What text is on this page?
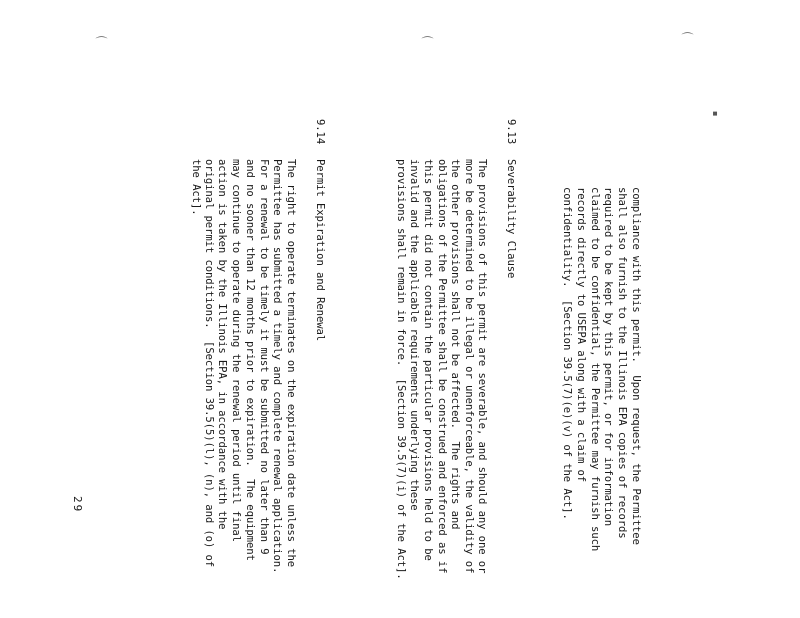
⌒	⌒	⌒
▪
compliance with this permit.  Upon request, the Permittee
shall also furnish to the Illinois EPA copies of records
required to be kept by this permit, or for information
claimed to be confidential, the Permittee may furnish such
records directly to USEPA along with a claim of
confidentiality.  [Section 39.5(7)(e)(v) of the Act].
9.13
Severability Clause
The provisions of this permit are severable, and should any one or
more be determined to be illegal or unenforceable, the validity of
the other provisions shall not be affected.  The rights and
obligations of the Permittee shall be construed and enforced as if
this permit did not contain the particular provisions held to be
invalid and the applicable requirements underlying these
provisions shall remain in force.  [Section 39.5(7)(i) of the Act].
9.14
Permit Expiration and Renewal
The right to operate terminates on the expiration date unless the
Permittee has submitted a timely and complete renewal application.
For a renewal to be timely it must be submitted no later than 9
and no sooner than 12 months prior to expiration.  The equipment
may continue to operate during the renewal period until final
action is taken by the Illinois EPA, in accordance with the
original permit conditions.  [Section 39.5(5)(l), (n), and (o) of
the Act].
29
